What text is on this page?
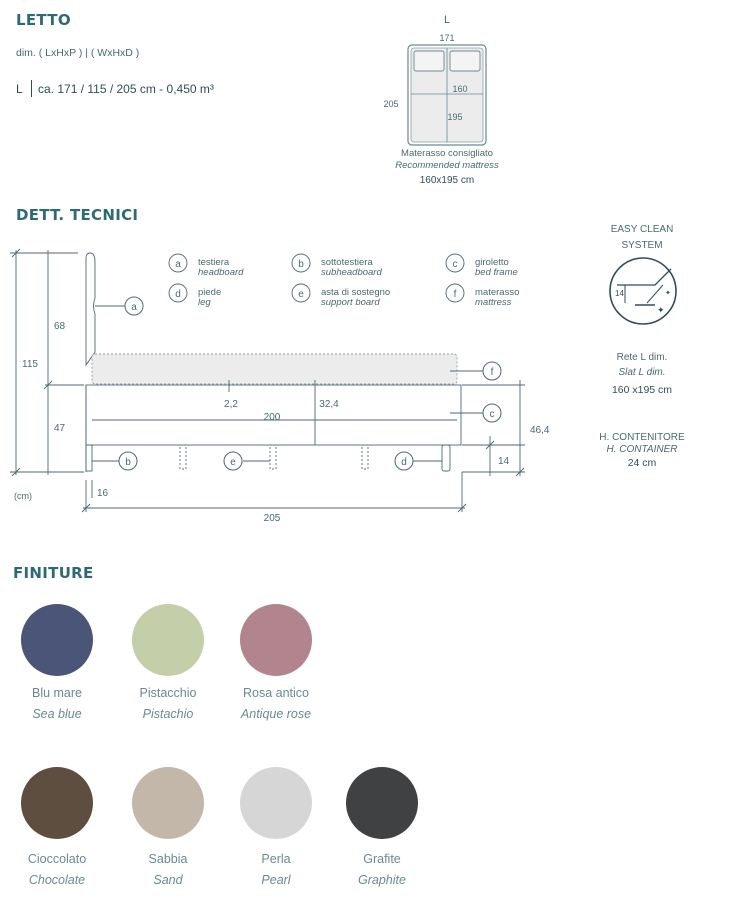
LETTO
dim. ( LxHxP ) | ( WxHxD )
L ca. 171 / 115 / 205 cm - 0,450 m³
L
171
160
195
205
Materasso consigliato
Recommended mattress
160x195 cm
DETT. TECNICI
a testiera
headboard
b sottotestiera
subheadboard
c giroletto
bed frame
d piede
leg
e asta di sostegno
support board
f materasso
mattress
a
f
c
b	e	d
115
68
47
2,2	32,4
200
46,4
14
16
205
(cm)
EASY CLEAN
SYSTEM
14
✦
✦
Rete L dim.
Slat L dim.
160 x195 cm
H. CONTENITORE
H. CONTAINER
24 cm
FINITURE
Blu mare
Sea blue
Pistacchio
Pistachio
Rosa antico
Antique rose
Cioccolato
Chocolate
Sabbia
Sand
Perla
Pearl
Grafite
Graphite
